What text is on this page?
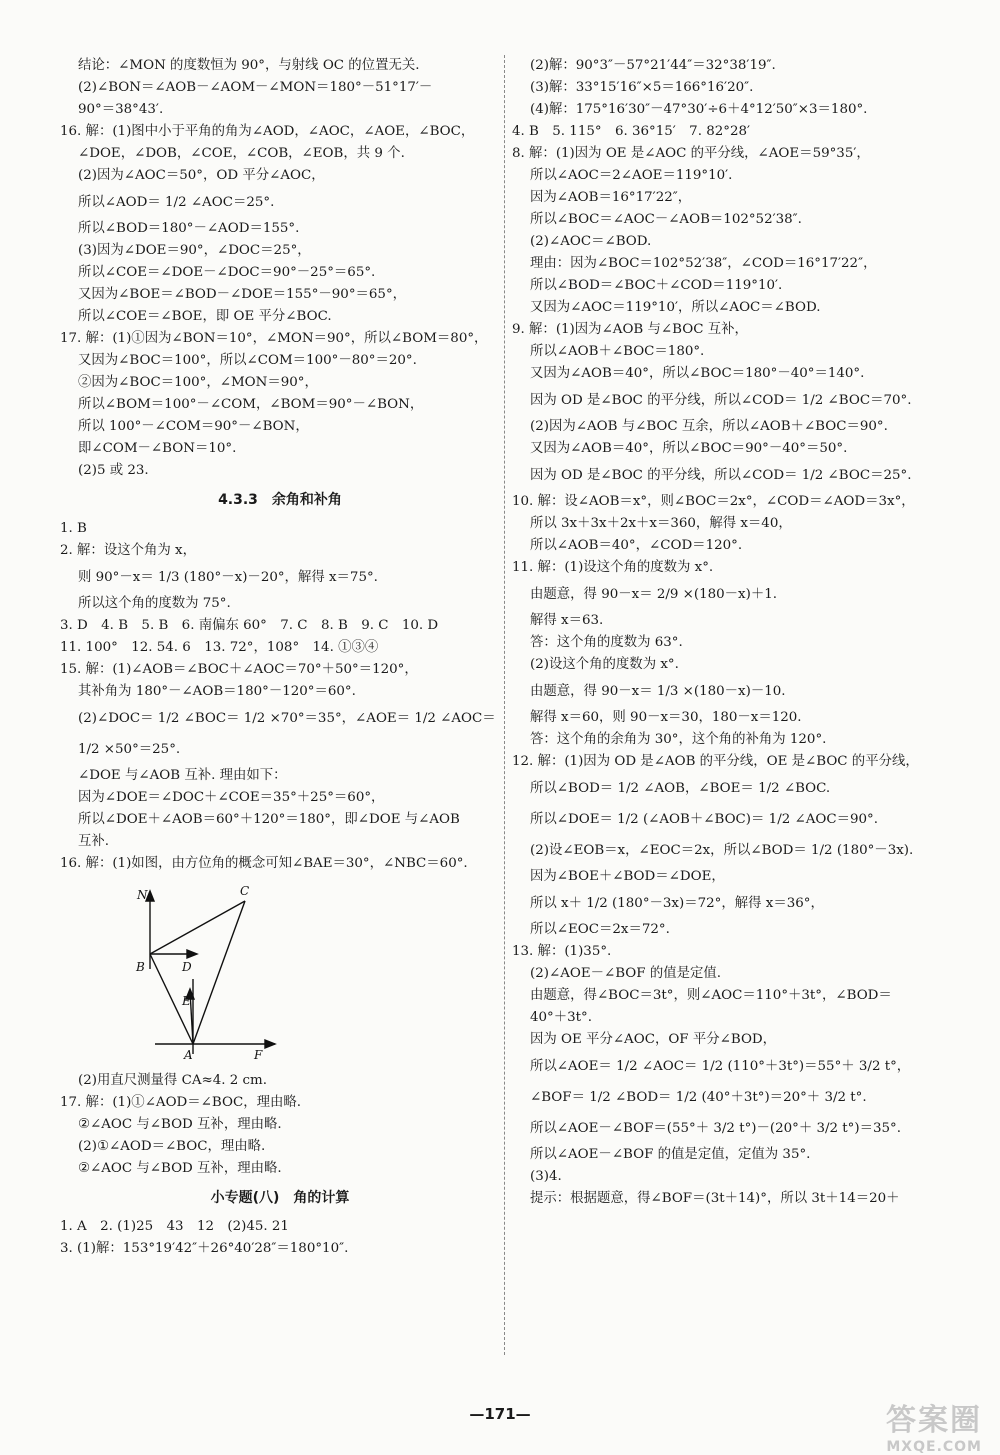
结论：∠MON 的度数恒为 90°，与射线 OC 的位置无关.
(2)∠BON＝∠AOB－∠AOM－∠MON＝180°－51°17′－
90°＝38°43′.
16. 解：(1)图中小于平角的角为∠AOD，∠AOC，∠AOE，∠BOC，
∠DOE，∠DOB，∠COE，∠COB，∠EOB，共 9 个.
(2)因为∠AOC＝50°，OD 平分∠AOC，
所以∠AOD＝ 1/2 ∠AOC＝25°.
所以∠BOD＝180°－∠AOD＝155°.
(3)因为∠DOE＝90°，∠DOC＝25°，
所以∠COE＝∠DOE－∠DOC＝90°－25°＝65°.
又因为∠BOE＝∠BOD－∠DOE＝155°－90°＝65°，
所以∠COE＝∠BOE，即 OE 平分∠BOC.
17. 解：(1)①因为∠BON＝10°，∠MON＝90°，所以∠BOM＝80°，
又因为∠BOC＝100°，所以∠COM＝100°－80°＝20°.
②因为∠BOC＝100°，∠MON＝90°，
所以∠BOM＝100°－∠COM，∠BOM＝90°－∠BON，
所以 100°－∠COM＝90°－∠BON，
即∠COM－∠BON＝10°.
(2)5 或 23.
4.3.3　余角和补角
1. B
2. 解：设这个角为 x，
则 90°－x＝ 1/3 (180°－x)－20°，解得 x＝75°.
所以这个角的度数为 75°.
3. D　4. B　5. B　6. 南偏东 60°　7. C　8. B　9. C　10. D
11. 100°　12. 54. 6　13. 72°，108°　14. ①③④
15. 解：(1)∠AOB＝∠BOC＋∠AOC＝70°＋50°＝120°，
其补角为 180°－∠AOB＝180°－120°＝60°.
(2)∠DOC＝ 1/2 ∠BOC＝ 1/2 ×70°＝35°，∠AOE＝ 1/2 ∠AOC＝
1/2 ×50°＝25°.
∠DOE 与∠AOB 互补. 理由如下：
因为∠DOE＝∠DOC＋∠COE＝35°＋25°＝60°，
所以∠DOE＋∠AOB＝60°＋120°＝180°，即∠DOE 与∠AOB
互补.
16. 解：(1)如图，由方位角的概念可知∠BAE＝30°，∠NBC＝60°.
N	C
B	D
E
A	F
(2)用直尺测量得 CA≈4. 2 cm.
17. 解：(1)①∠AOD＝∠BOC，理由略.
②∠AOC 与∠BOD 互补，理由略.
(2)①∠AOD＝∠BOC，理由略.
②∠AOC 与∠BOD 互补，理由略.
小专题(八)　角的计算
1. A　2. (1)25　43　12　(2)45. 21
3. (1)解：153°19′42″＋26°40′28″＝180°10″.
(2)解：90°3″－57°21′44″＝32°38′19″.
(3)解：33°15′16″×5＝166°16′20″.
(4)解：175°16′30″－47°30′÷6＋4°12′50″×3＝180°.
4. B　5. 115°　6. 36°15′　7. 82°28′
8. 解：(1)因为 OE 是∠AOC 的平分线，∠AOE＝59°35′，
所以∠AOC＝2∠AOE＝119°10′.
因为∠AOB＝16°17′22″，
所以∠BOC＝∠AOC－∠AOB＝102°52′38″.
(2)∠AOC＝∠BOD.
理由：因为∠BOC＝102°52′38″，∠COD＝16°17′22″，
所以∠BOD＝∠BOC＋∠COD＝119°10′.
又因为∠AOC＝119°10′，所以∠AOC＝∠BOD.
9. 解：(1)因为∠AOB 与∠BOC 互补，
所以∠AOB＋∠BOC＝180°.
又因为∠AOB＝40°，所以∠BOC＝180°－40°＝140°.
因为 OD 是∠BOC 的平分线，所以∠COD＝ 1/2 ∠BOC＝70°.
(2)因为∠AOB 与∠BOC 互余，所以∠AOB＋∠BOC＝90°.
又因为∠AOB＝40°，所以∠BOC＝90°－40°＝50°.
因为 OD 是∠BOC 的平分线，所以∠COD＝ 1/2 ∠BOC＝25°.
10. 解：设∠AOB＝x°，则∠BOC＝2x°，∠COD＝∠AOD＝3x°，
所以 3x＋3x＋2x＋x＝360，解得 x＝40，
所以∠AOB＝40°，∠COD＝120°.
11. 解：(1)设这个角的度数为 x°.
由题意，得 90－x＝ 2/9 ×(180－x)＋1.
解得 x＝63.
答：这个角的度数为 63°.
(2)设这个角的度数为 x°.
由题意，得 90－x＝ 1/3 ×(180－x)－10.
解得 x＝60，则 90－x＝30，180－x＝120.
答：这个角的余角为 30°，这个角的补角为 120°.
12. 解：(1)因为 OD 是∠AOB 的平分线，OE 是∠BOC 的平分线，
所以∠BOD＝ 1/2 ∠AOB，∠BOE＝ 1/2 ∠BOC.
所以∠DOE＝ 1/2 (∠AOB＋∠BOC)＝ 1/2 ∠AOC＝90°.
(2)设∠EOB＝x，∠EOC＝2x，所以∠BOD＝ 1/2 (180°－3x).
因为∠BOE＋∠BOD＝∠DOE，
所以 x＋ 1/2 (180°－3x)＝72°，解得 x＝36°，
所以∠EOC＝2x＝72°.
13. 解：(1)35°.
(2)∠AOE－∠BOF 的值是定值.
由题意，得∠BOC＝3t°，则∠AOC＝110°＋3t°，∠BOD＝
40°＋3t°.
因为 OE 平分∠AOC，OF 平分∠BOD，
所以∠AOE＝ 1/2 ∠AOC＝ 1/2 (110°＋3t°)＝55°＋ 3/2 t°，
∠BOF＝ 1/2 ∠BOD＝ 1/2 (40°＋3t°)＝20°＋ 3/2 t°.
所以∠AOE－∠BOF＝(55°＋ 3/2 t°)－(20°＋ 3/2 t°)＝35°.
所以∠AOE－∠BOF 的值是定值，定值为 35°.
(3)4.
提示：根据题意，得∠BOF＝(3t＋14)°，所以 3t＋14＝20＋
—171—	答案圈
MXQE.COM
